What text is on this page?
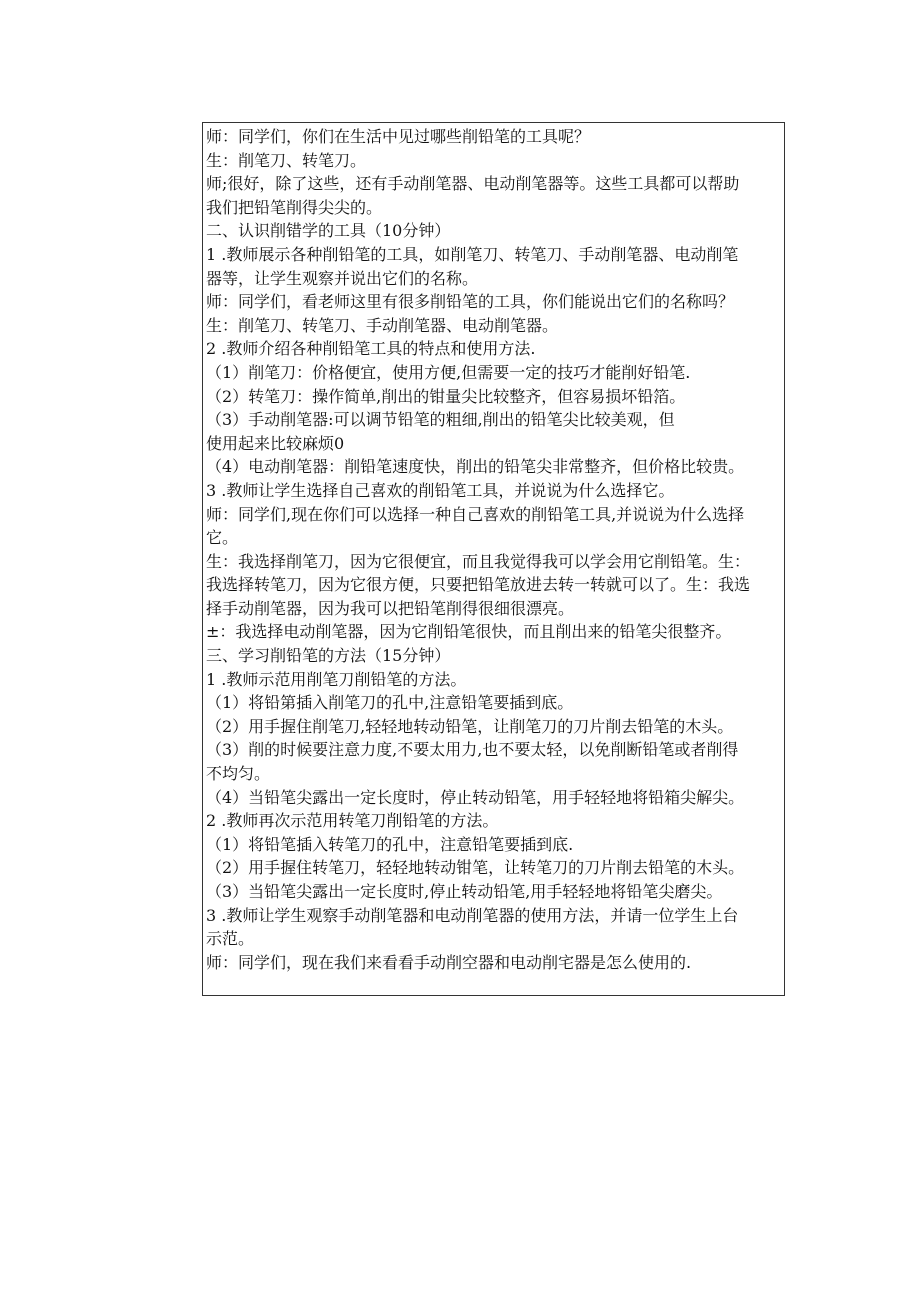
师：同学们，你们在生活中见过哪些削铅笔的工具呢？
生：削笔刀、转笔刀。
师;很好，除了这些，还有手动削笔器、电动削笔器等。这些工具都可以帮助
我们把铅笔削得尖尖的。
二、认识削错学的工具（10分钟）
1 .教师展示各种削铅笔的工具，如削笔刀、转笔刀、手动削笔器、电动削笔
器等，让学生观察并说出它们的名称。
师：同学们，看老师这里有很多削铅笔的工具，你们能说出它们的名称吗？
生：削笔刀、转笔刀、手动削笔器、电动削笔器。
2 .教师介绍各种削铅笔工具的特点和使用方法.
（1）削笔刀：价格便宜，使用方便,但需要一定的技巧才能削好铅笔.
（2）转笔刀：操作简单,削出的钳量尖比较整齐，但容易损坏铅箔。
（3）手动削笔器:可以调节铅笔的粗细,削出的铅笔尖比较美观，但
使用起来比较麻烦0
（4）电动削笔器：削铅笔速度快，削出的铅笔尖非常整齐，但价格比较贵。
3 .教师让学生选择自己喜欢的削铅笔工具，并说说为什么选择它。
师：同学们,现在你们可以选择一种自己喜欢的削铅笔工具,并说说为什么选择
它。
生：我选择削笔刀，因为它很便宜，而且我觉得我可以学会用它削铅笔。生：
我选择转笔刀，因为它很方便，只要把铅笔放进去转一转就可以了。生：我选
择手动削笔器，因为我可以把铅笔削得很细很漂亮。
±：我选择电动削笔器，因为它削铅笔很快，而且削出来的铅笔尖很整齐。
三、学习削铅笔的方法（15分钟）
1 .教师示范用削笔刀削铅笔的方法。
（1）将铅第插入削笔刀的孔中,注意铅笔要插到底。
（2）用手握住削笔刀,轻轻地转动铅笔，让削笔刀的刀片削去铅笔的木头。
（3）削的时候要注意力度,不要太用力,也不要太轻，以免削断铅笔或者削得
不均匀。
（4）当铅笔尖露出一定长度时，停止转动铅笔，用手轻轻地将铅箱尖解尖。
2 .教师再次示范用转笔刀削铅笔的方法。
（1）将铅笔插入转笔刀的孔中，注意铅笔要插到底.
（2）用手握住转笔刀，轻轻地转动钳笔，让转笔刀的刀片削去铅笔的木头。
（3）当铅笔尖露出一定长度时,停止转动铅笔,用手轻轻地将铅笔尖磨尖。
3 .教师让学生观察手动削笔器和电动削笔器的使用方法，并请一位学生上台
示范。
师：同学们，现在我们来看看手动削空器和电动削宅器是怎么使用的.
